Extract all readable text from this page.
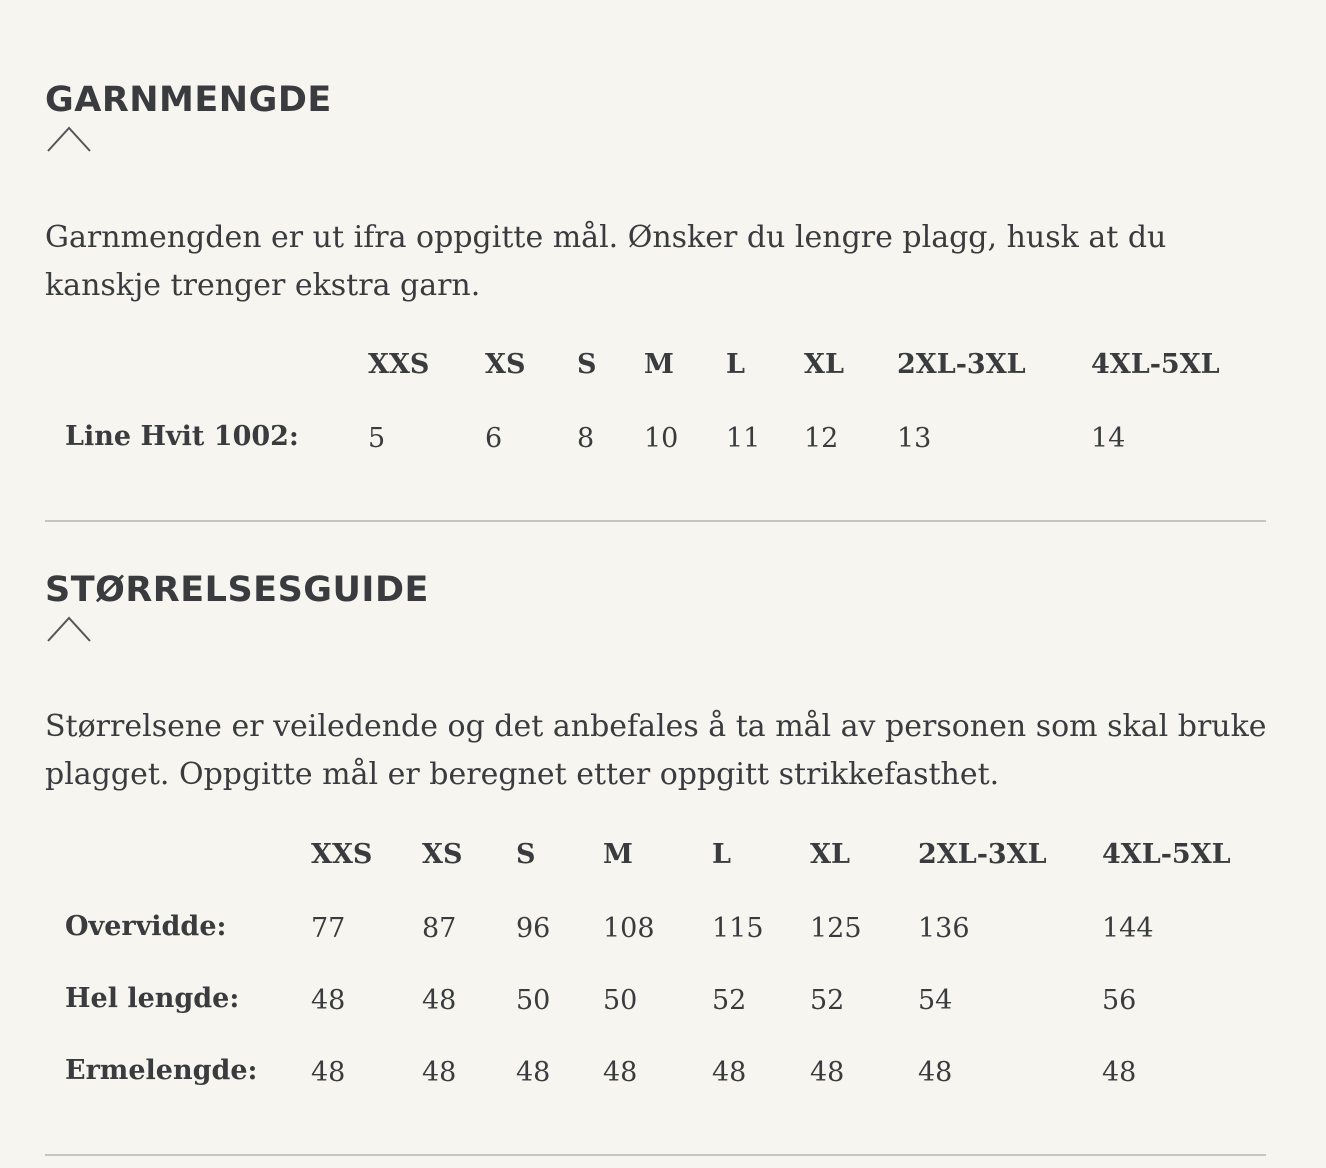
GARNMENGDE

Garnmengden er ut ifra oppgitte mål. Ønsker du lengre plagg, husk at du kanskje trenger ekstra garn.

XXS XS S M L XL 2XL-3XL 4XL-5XL
Line Hvit 1002:	5	6	8 10 11 12 13	14
STØRRELSESGUIDE

Størrelsene er veiledende og det anbefales å ta mål av personen som skal bruke plagget. Oppgitte mål er beregnet etter oppgitt strikkefasthet.

XXS XS S	M	L	XL	2XL-3XL 4XL-5XL
Overvidde:	77	87 96 108 115 125 136	144
Hel lengde:	48	48 50 50	52 52	54	56
Ermelengde: 48	48 48 48	48 48	48	48
